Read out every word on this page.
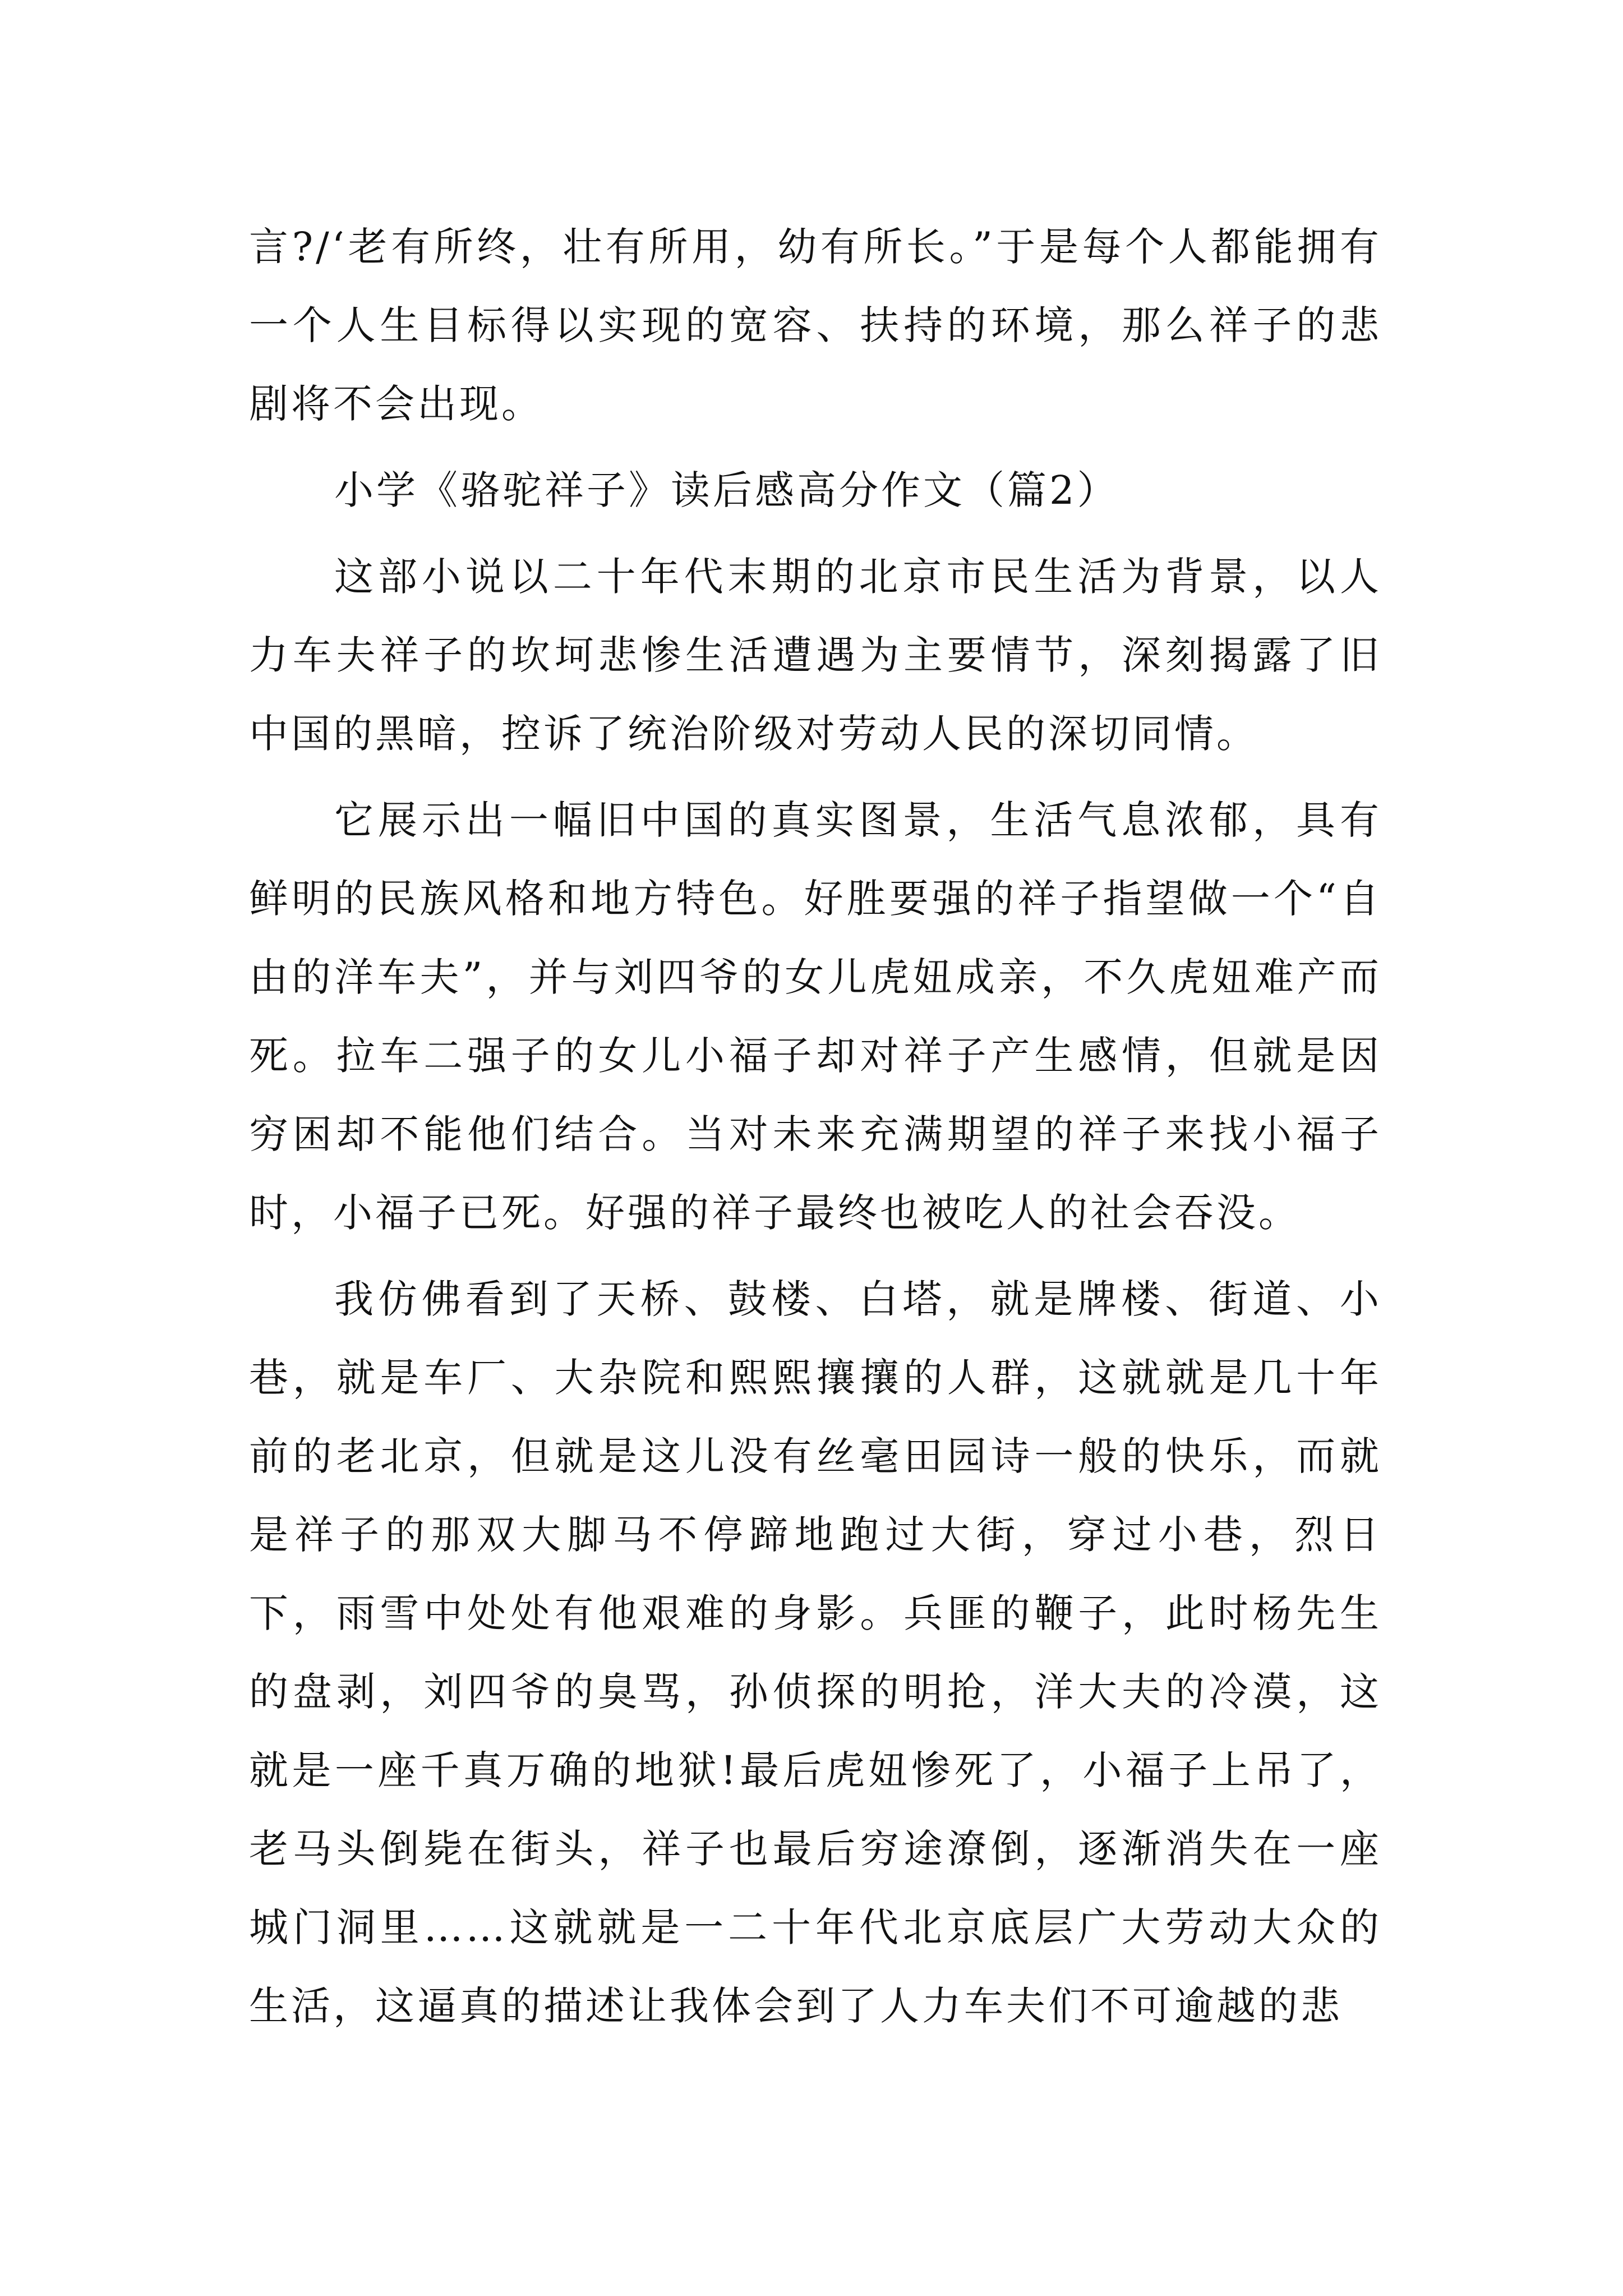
言?/‘老有所终，壮有所用，幼有所长。”于是每个人都能拥有一个人生目标得以实现的宽容、扶持的环境，那么祥子的悲剧将不会出现。

小学《骆驼祥子》读后感高分作文（篇2）

这部小说以二十年代末期的北京市民生活为背景，以人力车夫祥子的坎坷悲惨生活遭遇为主要情节，深刻揭露了旧中国的黑暗，控诉了统治阶级对劳动人民的深切同情。

它展示出一幅旧中国的真实图景，生活气息浓郁，具有鲜明的民族风格和地方特色。好胜要强的祥子指望做一个“自由的洋车夫”，并与刘四爷的女儿虎妞成亲，不久虎妞难产而死。拉车二强子的女儿小福子却对祥子产生感情，但就是因穷困却不能他们结合。当对未来充满期望的祥子来找小福子时，小福子已死。好强的祥子最终也被吃人的社会吞没。

我仿佛看到了天桥、鼓楼、白塔，就是牌楼、街道、小巷，就是车厂、大杂院和熙熙攘攘的人群，这就就是几十年前的老北京，但就是这儿没有丝毫田园诗一般的快乐，而就是祥子的那双大脚马不停蹄地跑过大街，穿过小巷，烈日下，雨雪中处处有他艰难的身影。兵匪的鞭子，此时杨先生的盘剥，刘四爷的臭骂，孙侦探的明抢，洋大夫的冷漠，这就是一座千真万确的地狱!最后虎妞惨死了，小福子上吊了，老马头倒毙在街头，祥子也最后穷途潦倒，逐渐消失在一座城门洞里……这就就是一二十年代北京底层广大劳动大众的生活，这逼真的描述让我体会到了人力车夫们不可逾越的悲
